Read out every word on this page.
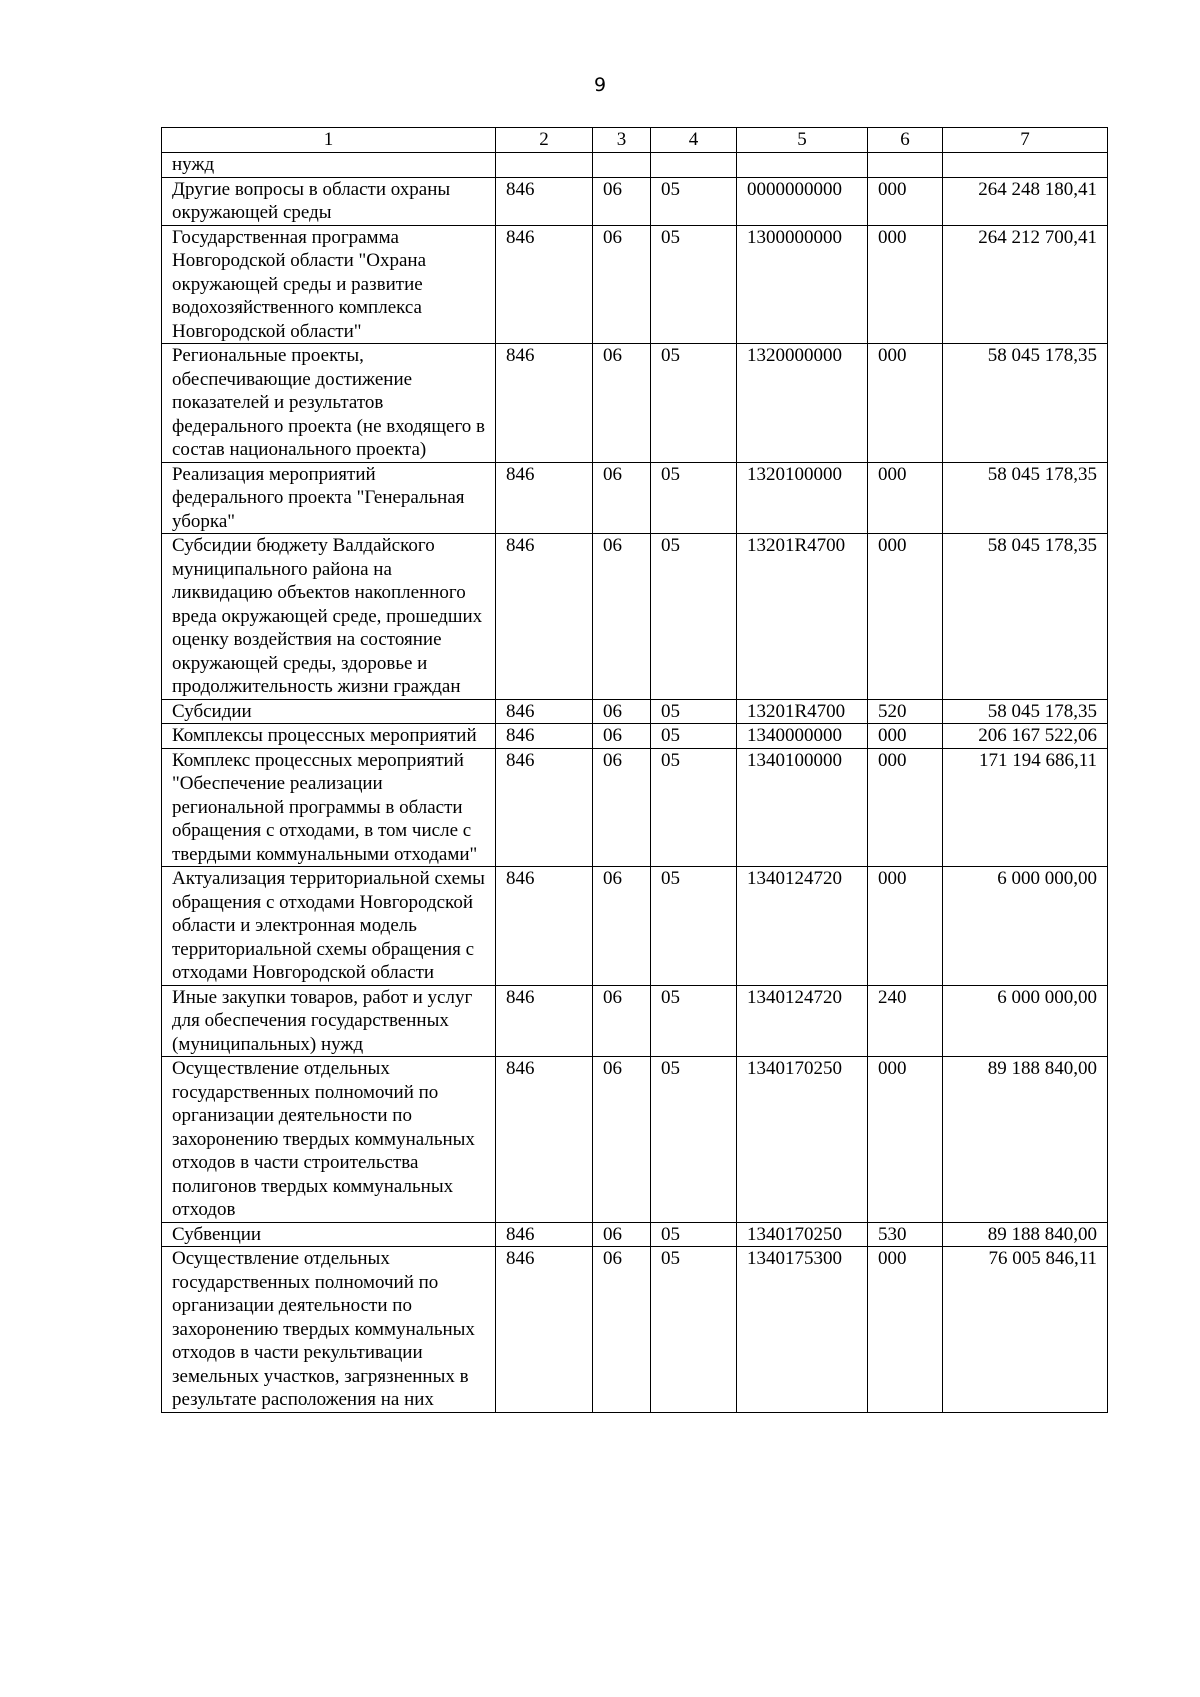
9
1	2	3	4	5	6	7
нужд						
Другие вопросы в области охраны окружающей среды	846	06	05	0000000000	000	264 248 180,41
Государственная программа Новгородской области "Охрана окружающей среды и развитие водохозяйственного комплекса Новгородской области"	846	06	05	1300000000	000	264 212 700,41
Региональные проекты, обеспечивающие достижение показателей и результатов федерального проекта (не входящего в состав национального проекта)	846	06	05	1320000000	000	58 045 178,35
Реализация мероприятий федерального проекта "Генеральная уборка"	846	06	05	1320100000	000	58 045 178,35
Субсидии бюджету Валдайского муниципального района на ликвидацию объектов накопленного вреда окружающей среде, прошедших оценку воздействия на состояние окружающей среды, здоровье и продолжительность жизни граждан	846	06	05	13201R4700	000	58 045 178,35
Субсидии	846	06	05	13201R4700	520	58 045 178,35
Комплексы процессных мероприятий	846	06	05	1340000000	000	206 167 522,06
Комплекс процессных мероприятий "Обеспечение реализации региональной программы в области обращения с отходами, в том числе с твердыми коммунальными отходами"	846	06	05	1340100000	000	171 194 686,11
Актуализация территориальной схемы обращения с отходами Новгородской области и электронная модель территориальной схемы обращения с отходами Новгородской области	846	06	05	1340124720	000	6 000 000,00
Иные закупки товаров, работ и услуг для обеспечения государственных (муниципальных) нужд	846	06	05	1340124720	240	6 000 000,00
Осуществление отдельных государственных полномочий по организации деятельности по захоронению твердых коммунальных отходов в части строительства полигонов твердых коммунальных отходов	846	06	05	1340170250	000	89 188 840,00
Субвенции	846	06	05	1340170250	530	89 188 840,00
Осуществление отдельных государственных полномочий по организации деятельности по захоронению твердых коммунальных отходов в части рекультивации земельных участков, загрязненных в результате расположения на них	846	06	05	1340175300	000	76 005 846,11
